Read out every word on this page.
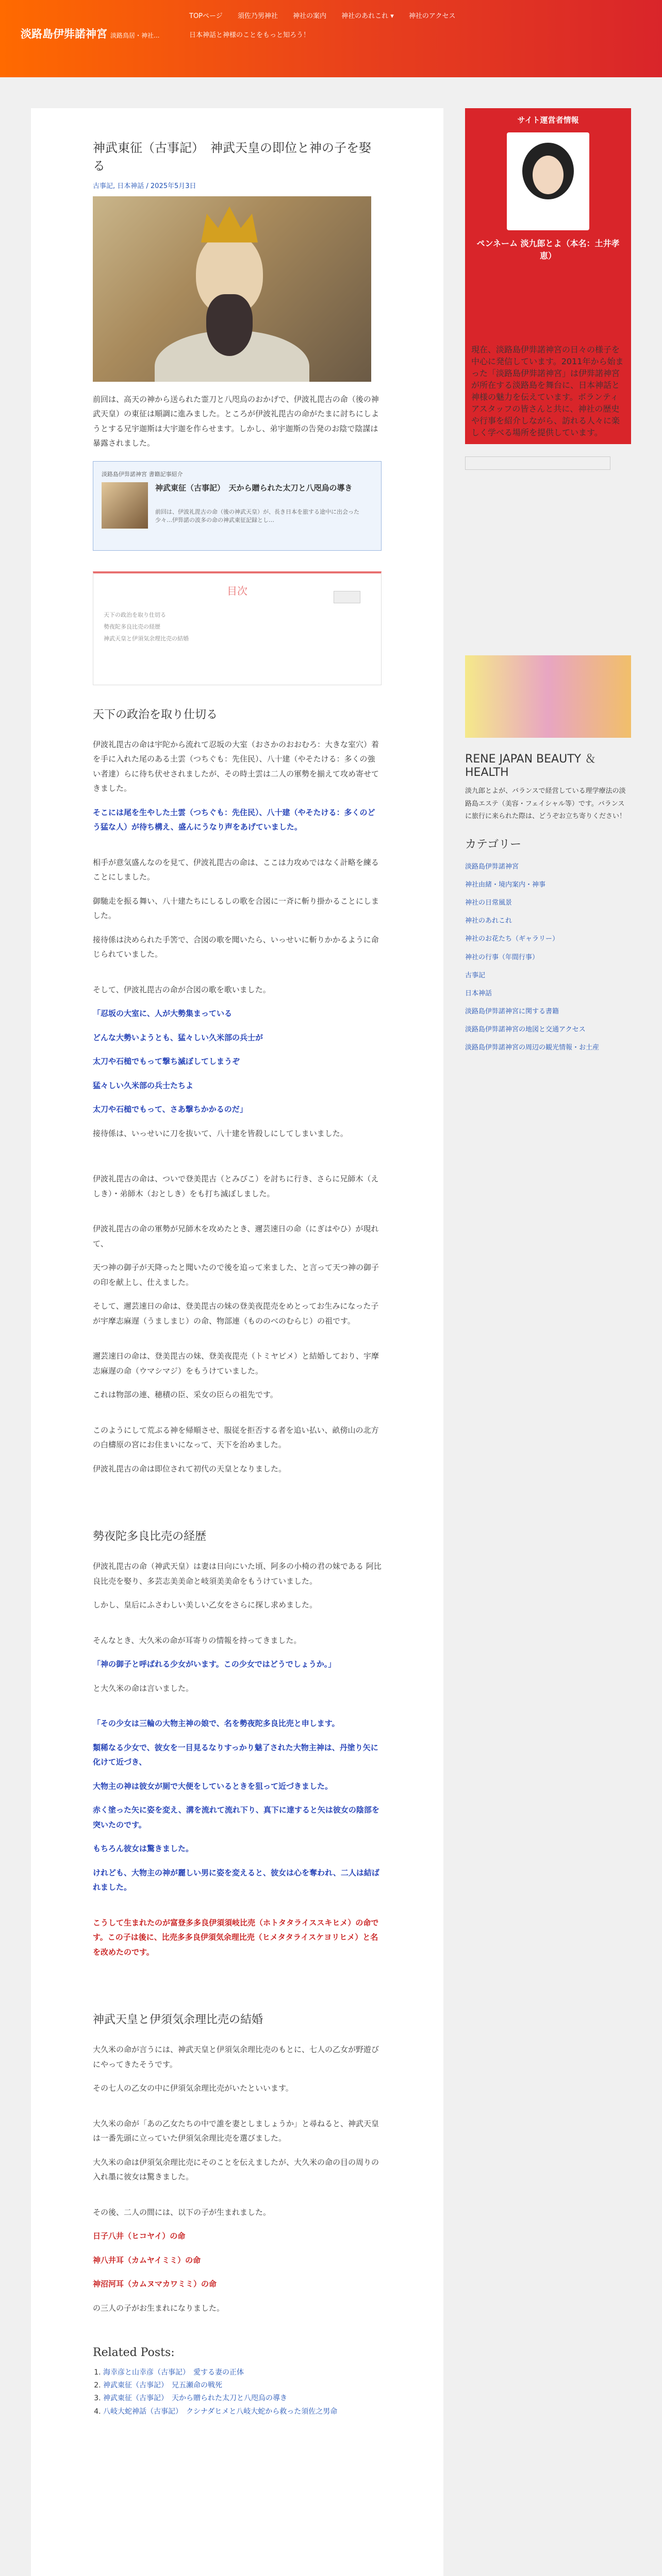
淡路島伊弉諾神宮 淡路鳥居・神社...
TOPページ 須佐乃男神社 神社の案内 神社のあれこれ ▾ 神社のアクセス 日本神話と神様のことをもっと知ろう！
神武東征（古事記）　神武天皇の即位と神の子を娶る
古事記, 日本神話 / 2025年5月3日

前回は、高天の神から送られた霊刀と八咫烏のおかげで、伊波礼毘古の命（後の神武天皇）の東征は順調に進みました。ところが伊波礼毘古の命がたまに討ちにしようとする兄宇迦斯は大宇迦を作らせます。しかし、弟宇迦斯の告発のお陰で陰謀は暴露されました。

淡路島伊弉諾神宮 書籍記事紹介
神武東征（古事記）　天から贈られた太刀と八咫烏の導き
前回は、伊波礼毘古の命（後の神武天皇）が、長き日本を旅する途中に出会った少々…伊弉諾の波多の命の神武東征記録とし…
目次
天下の政治を取り仕切る
勢夜陀多良比売の経歴
神武天皇と伊須気余理比売の結婚
天下の政治を取り仕切る

伊波礼毘古の命は宇陀から流れて忍坂の大室（おさかのおおむろ：大きな室穴）着を手に入れた尾のある土雲（つちぐも：先住民）、八十建（やそたける：多くの強い者達）らに待ち伏せされましたが、その時土雲は二人の軍勢を揃えて攻め寄せてきました。

そこには尾を生やした土雲（つちぐも：先住民）、八十建（やそたける：多くのどう猛な人）が待ち構え、盛んにうなり声をあげていました。

相手が意気盛んなのを見て、伊波礼毘古の命は、ここは力攻めではなく計略を練ることにしました。

御馳走を振る舞い、八十建たちにしるしの歌を合図に一斉に斬り掛かることにしました。

接待係は決められた手筈で、合図の歌を聞いたら、いっせいに斬りかかるように命じられていました。

そして、伊波礼毘古の命が合図の歌を歌いました。

「忍坂の大室に、人が大勢集まっている

どんな大勢いようとも、猛々しい久米部の兵士が

太刀や石槌でもって撃ち滅ぼしてしまうぞ

猛々しい久米部の兵士たちよ

太刀や石槌でもって、さあ撃ちかかるのだ」

接待係は、いっせいに刀を抜いて、八十建を皆殺しにしてしまいました。

伊波礼毘古の命は、ついで登美毘古（とみびこ）を討ちに行き、さらに兄師木（えしき）・弟師木（おとしき）をも打ち滅ぼしました。

伊波礼毘古の命の軍勢が兄師木を攻めたとき、邇芸速日の命（にぎはやひ）が現れて、

天つ神の御子が天降ったと聞いたので後を追って来ました、と言って天つ神の御子の印を献上し、仕えました。

そして、邇芸速日の命は、登美毘古の妹の登美夜毘売をめとってお生みになった子が宇摩志麻遅（うましまじ）の命、物部連（もののべのむらじ）の祖です。

邇芸速日の命は、登美毘古の妹、登美夜毘売（トミヤビメ）と結婚しており、宇摩志麻遅の命（ウマシマジ）をもうけていました。

これは物部の連、穂積の臣、采女の臣らの祖先です。

このようにして荒ぶる神を帰順させ、服従を拒否する者を追い払い、畝傍山の北方の白檮原の宮にお住まいになって、天下を治めました。

伊波礼毘古の命は即位されて初代の天皇となりました。

勢夜陀多良比売の経歴

伊波礼毘古の命（神武天皇）は妻は日向にいた頃、阿多の小椅の君の妹である 阿比良比売を娶り、多芸志美美命と岐須美美命をもうけていました。

しかし、皇后にふさわしい美しい乙女をさらに探し求めました。

そんなとき、大久米の命が耳寄りの情報を持ってきました。

「神の御子と呼ばれる少女がいます。この少女ではどうでしょうか。」

と大久米の命は言いました。

「その少女は三輪の大物主神の娘で、名を勢夜陀多良比売と申します。

類稀なる少女で、彼女を一目見るなりすっかり魅了された大物主神は、丹塗り矢に化けて近づき、

大物主の神は彼女が厠で大便をしているときを狙って近づきました。

赤く塗った矢に姿を変え、溝を流れて流れ下り、真下に達すると矢は彼女の陰部を突いたのです。

もちろん彼女は驚きました。

けれども、大物主の神が麗しい男に姿を変えると、彼女は心を奪われ、二人は結ばれました。

こうして生まれたのが富登多多良伊須須岐比売（ホトタタライススキヒメ）の命です。この子は後に、比売多多良伊須気余理比売（ヒメタタライスケヨリヒメ）と名を改めたのです。

神武天皇と伊須気余理比売の結婚

大久米の命が言うには、神武天皇と伊須気余理比売のもとに、七人の乙女が野遊びにやってきたそうです。

その七人の乙女の中に伊須気余理比売がいたといいます。

大久米の命が「あの乙女たちの中で誰を妻としましょうか」と尋ねると、神武天皇は一番先頭に立っていた伊須気余理比売を選びました。

大久米の命は伊須気余理比売にそのことを伝えましたが、大久米の命の目の周りの入れ墨に彼女は驚きました。

その後、二人の間には、以下の子が生まれました。

日子八井（ヒコヤイ）の命

神八井耳（カムヤイミミ）の命

神沼河耳（カムヌマカワミミ）の命

の三人の子がお生まれになりました。

Related Posts:
1. 海幸彦と山幸彦（古事記）　愛する妻の正体
2. 神武東征（古事記）　兄五瀬命の戦死
3. 神武東征（古事記）　天から贈られた太刀と八咫烏の導き
4. 八岐大蛇神話（古事記）　クシナダヒメと八岐大蛇から救った須佐之男命
サイト運営者情報
ペンネーム 淡九郎とよ（本名：土井孝恵）
現在、淡路島伊弉諾神宮の日々の様子を中心に発信しています。2011年から始まった「淡路島伊弉諾神宮」は伊弉諾神宮が所在する淡路島を舞台に、日本神話と神様の魅力を伝えています。ボランティアスタッフの皆さんと共に、神社の歴史や行事を紹介しながら、訪れる人々に楽しく学べる場所を提供しています。
RENE JAPAN BEAUTY ＆ HEALTH

淡九郎とよが、バランスで経営している理学療法の淡路島エステ（美容・フェイシャル等）です。バランスに旅行に来られた際は、どうぞお立ち寄りください！

カテゴリー
淡路島伊弉諾神宮
神社由緒・境内案内・神事
神社の日常風景
神社のあれこれ
神社のお花たち（ギャラリー）
神社の行事（年間行事）
古事記
日本神話
淡路島伊弉諾神宮に関する書籍
淡路島伊弉諾神宮の地図と交通アクセス
淡路島伊弉諾神宮の周辺の観光情報・お土産
